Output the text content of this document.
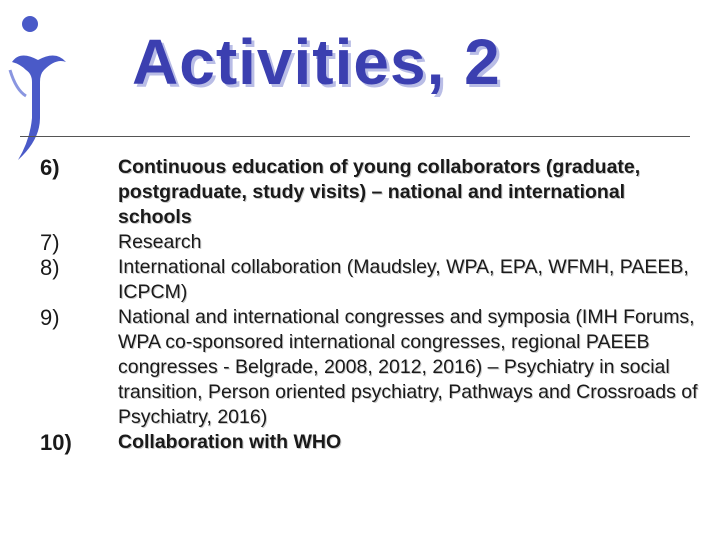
Activities, 2
6)	Continuous education of young collaborators (graduate, postgraduate, study visits) – national and international schools
7)	Research
8)	International collaboration (Maudsley, WPA, EPA, WFMH, PAEEB, ICPCM)
9)	National and international congresses and symposia (IMH Forums, WPA co-sponsored international congresses, regional PAEEB congresses - Belgrade, 2008, 2012, 2016) – Psychiatry in social transition, Person oriented psychiatry, Pathways and Crossroads of Psychiatry, 2016)
10)	Collaboration with WHO
